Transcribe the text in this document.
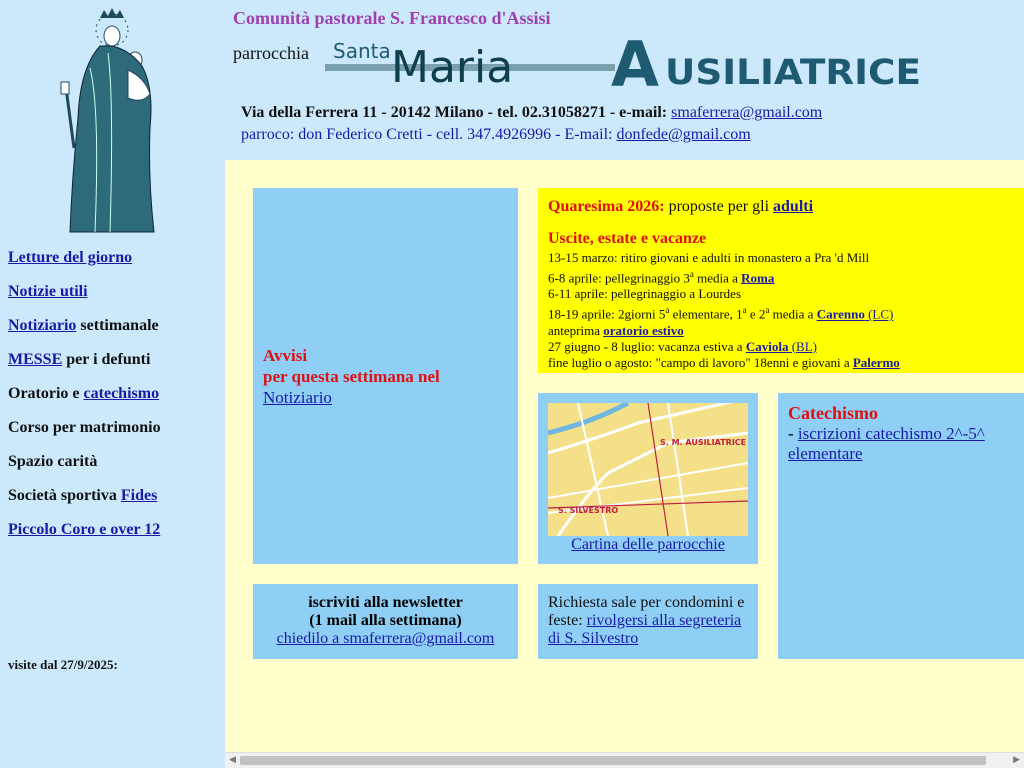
Letture del giorno
Notizie utili
Notiziario settimanale
MESSE per i defunti
Oratorio e catechismo
Corso per matrimonio
Spazio carità
Società sportiva Fides
Piccolo Coro e over 12
visite dal 27/9/2025:
Comunità pastorale S. Francesco d'Assisi
parrocchia Santa Maria A USILIATRICE
Via della Ferrera 11 - 20142 Milano - tel. 02.31058271 - e-mail: smaferrera@gmail.com
parroco: don Federico Cretti - cell. 347.4926996 - E-mail: donfede@gmail.com
Avvisi
per questa settimana nel
Notiziario
Quaresima 2026: proposte per gli adulti
Uscite, estate e vacanze
13-15 marzo: ritiro giovani e adulti in monastero a Pra 'd Mill
6-8 aprile: pellegrinaggio 3$^a$ media a Roma
6-11 aprile: pellegrinaggio a Lourdes
18-19 aprile: 2giorni 5$^a$ elementare, 1$^a$ e 2$^a$ media a Carenno (LC)
anteprima oratorio estivo
27 giugno - 8 luglio: vacanza estiva a Caviola (BL)
fine luglio o agosto: "campo di lavoro" 18enni e giovani a Palermo
S. M. AUSILIATRICE
S. SILVESTRO
Cartina delle parrocchie
Catechismo
- iscrizioni catechismo 2^-5^ elementare
iscriviti alla newsletter
(1 mail alla settimana)
chiedilo a smaferrera@gmail.com
Richiesta sale per condomini e feste: rivolgersi alla segreteria di S. Silvestro
◀	▶
